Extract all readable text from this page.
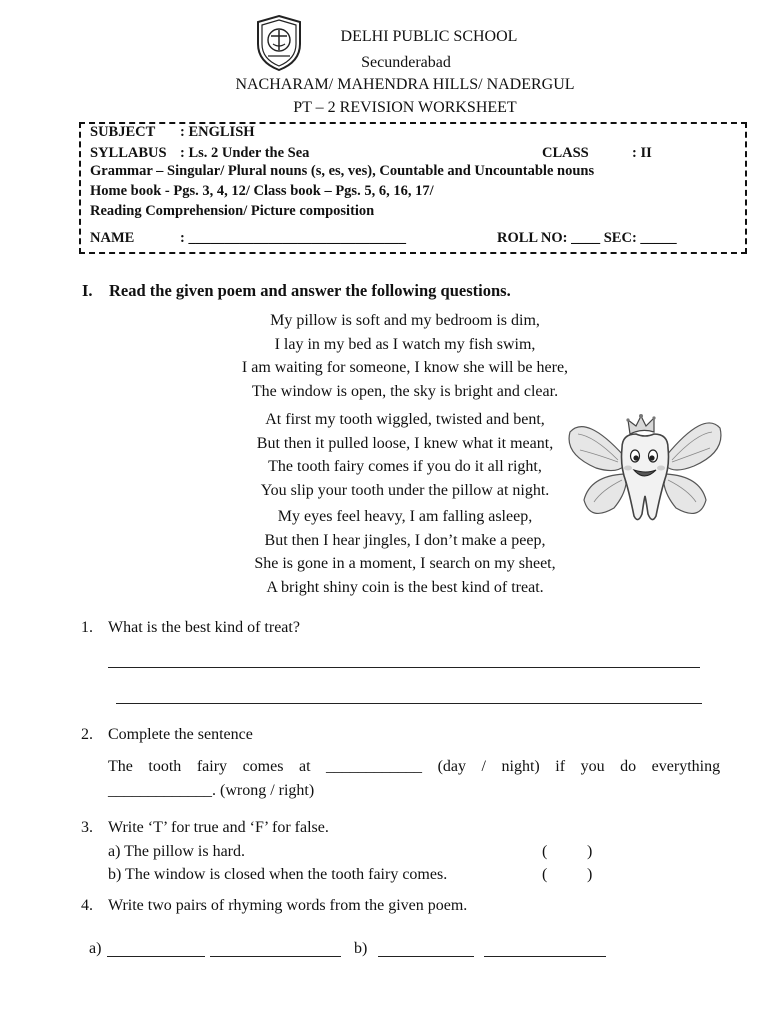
DELHI PUBLIC SCHOOL
Secunderabad
NACHARAM/ MAHENDRA HILLS/ NADERGUL
PT – 2 REVISION WORKSHEET
SUBJECT : ENGLISH
SYLLABUS : Ls. 2 Under the Sea	CLASS	: II
Grammar – Singular/ Plural nouns (s, es, ves), Countable and Uncountable nouns
Home book - Pgs. 3, 4, 12/ Class book – Pgs. 5, 6, 16, 17/
Reading Comprehension/ Picture composition
NAME	: ______________________________	ROLL NO: ____ SEC: _____
I. Read the given poem and answer the following questions.
My pillow is soft and my bedroom is dim,
I lay in my bed as I watch my fish swim,
I am waiting for someone, I know she will be here,
The window is open, the sky is bright and clear.
At first my tooth wiggled, twisted and bent,
But then it pulled loose, I knew what it meant,
The tooth fairy comes if you do it all right,
You slip your tooth under the pillow at night.
My eyes feel heavy, I am falling asleep,
But then I hear jingles, I don’t make a peep,
She is gone in a moment, I search on my sheet,
A bright shiny coin is the best kind of treat.
1. What is the best kind of treat?
2. Complete the sentence
The tooth fairy comes at ____________ (day / night) if you do everything
_____________. (wrong / right)
3. Write ‘T’ for true and ‘F’ for false.
a) The pillow is hard.	( )
b) The window is closed when the tooth fairy comes.	( )
4. Write two pairs of rhyming words from the given poem.
a)	b)
